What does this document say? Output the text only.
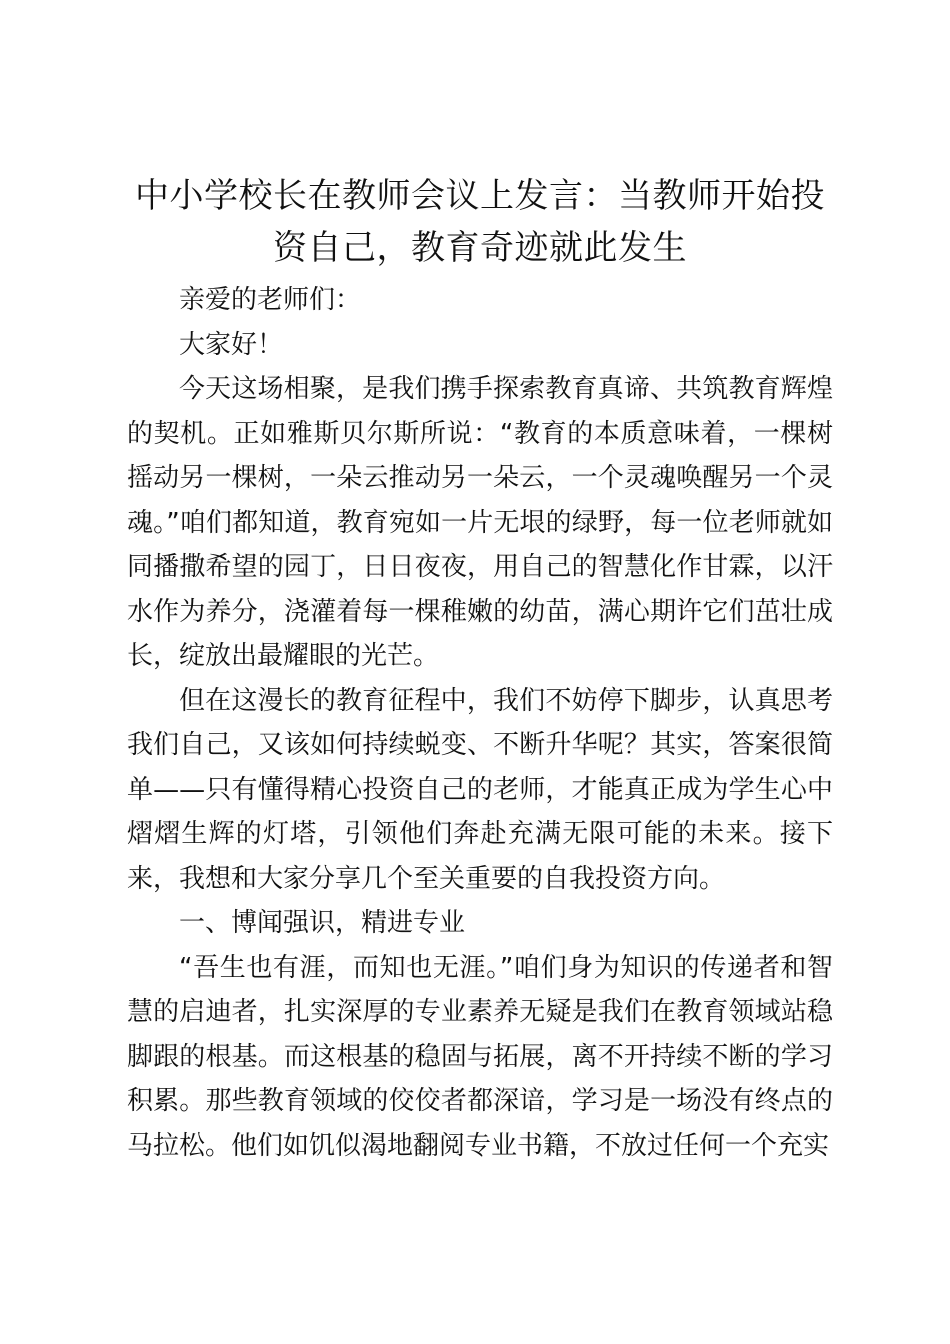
中小学校长在教师会议上发言：当教师开始投
资自己，教育奇迹就此发生

亲爱的老师们：

大家好！

今天这场相聚，是我们携手探索教育真谛、共筑教育辉煌的契机。正如雅斯贝尔斯所说：“教育的本质意味着，一棵树摇动另一棵树，一朵云推动另一朵云，一个灵魂唤醒另一个灵魂。”咱们都知道，教育宛如一片无垠的绿野，每一位老师就如同播撒希望的园丁，日日夜夜，用自己的智慧化作甘霖，以汗水作为养分，浇灌着每一棵稚嫩的幼苗，满心期许它们茁壮成长，绽放出最耀眼的光芒。

但在这漫长的教育征程中，我们不妨停下脚步，认真思考我们自己，又该如何持续蜕变、不断升华呢？其实，答案很简单——只有懂得精心投资自己的老师，才能真正成为学生心中熠熠生辉的灯塔，引领他们奔赴充满无限可能的未来。接下来，我想和大家分享几个至关重要的自我投资方向。

一、博闻强识，精进专业

“吾生也有涯，而知也无涯。”咱们身为知识的传递者和智慧的启迪者，扎实深厚的专业素养无疑是我们在教育领域站稳脚跟的根基。而这根基的稳固与拓展，离不开持续不断的学习积累。那些教育领域的佼佼者都深谙，学习是一场没有终点的马拉松。他们如饥似渴地翻阅专业书籍，不放过任何一个充实
